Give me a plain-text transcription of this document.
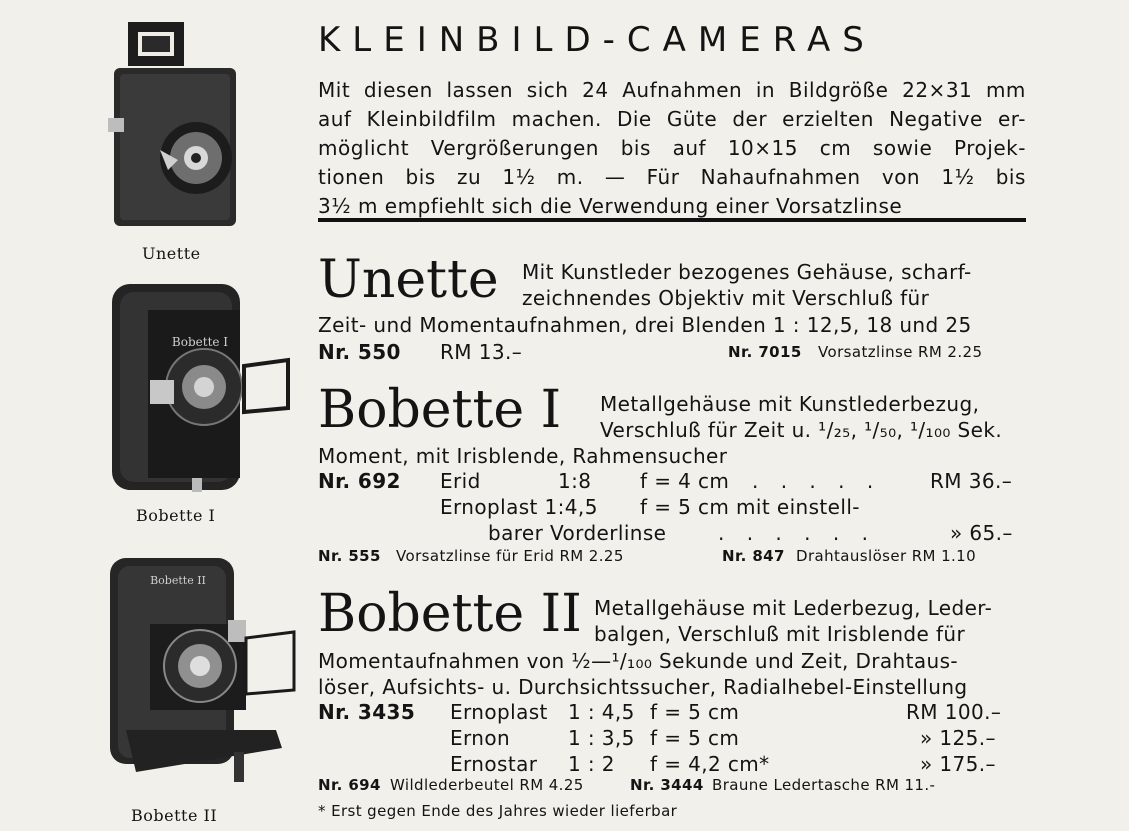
Unette
Bobette I
Bobette I
Bobette II
Bobette II
KLEINBILD-CAMERAS
Mit diesen lassen sich 24 Aufnahmen in Bildgröße 22×31 mm
auf Kleinbildfilm machen. Die Güte der erzielten Negative er-
möglicht Vergrößerungen bis auf 10×15 cm sowie Projek-
tionen bis zu 1½ m. — Für Nahaufnahmen von 1½ bis
3½ m empfiehlt sich die Verwendung einer Vorsatzlinse
Unette Mit Kunstleder bezogenes Gehäuse, scharf-
zeichnendes Objektiv mit Verschluß für
Zeit- und Momentaufnahmen, drei Blenden 1 : 12,5, 18 und 25
Nr. 550 RM 13.–	Nr. 7015 Vorsatzlinse RM 2.25
Bobette I Metallgehäuse mit Kunstlederbezug,
Verschluß für Zeit u. ¹/₂₅, ¹/₅₀, ¹/₁₀₀ Sek.
Moment, mit Irisblende, Rahmensucher
Nr. 692 Erid	1:8 f = 4 cm . . . . . RM 36.–
Ernoplast 1:4,5 f = 5 cm mit einstell-
barer Vorderlinse	. . . . . .	» 65.–
Nr. 555 Vorsatzlinse für Erid RM 2.25	Nr. 847 Drahtauslöser RM 1.10
Bobette II Metallgehäuse mit Lederbezug, Leder-
balgen, Verschluß mit Irisblende für
Momentaufnahmen von ½—¹/₁₀₀ Sekunde und Zeit, Drahtaus-
löser, Aufsichts- u. Durchsichtssucher, Radialhebel-Einstellung
Nr. 3435 Ernoplast 1 : 4,5 f = 5 cm	RM 100.–
Ernon	1 : 3,5 f = 5 cm	» 125.–
Ernostar 1 : 2 f = 4,2 cm*	» 175.–
Nr. 694 Wildlederbeutel RM 4.25	Nr. 3444 Braune Ledertasche RM 11.-
* Erst gegen Ende des Jahres wieder lieferbar
